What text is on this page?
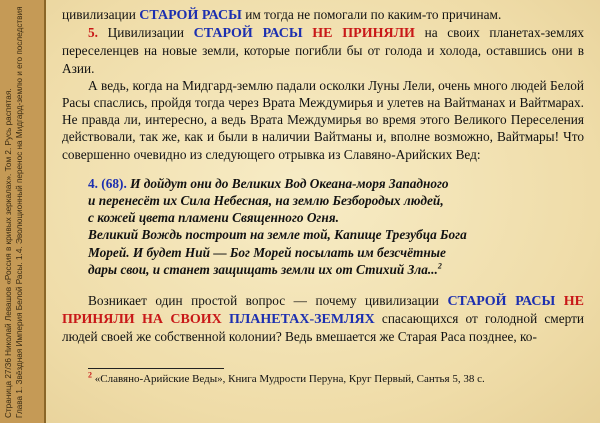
Страница 27/36 Николай Левашов «Россия в кривых зеркалах». Том 2. Русь распятая. Глава 1. Звёздная Империя Белой Расы. 1.4. Эволюционный перенос на Мидгард-землю и его последствия	цивилизации СТАРОЙ РАСЫ им тогда не помогали по каким-то причинам.

5. Цивилизации СТАРОЙ РАСЫ НЕ ПРИНЯЛИ на своих планетах-землях переселенцев на новые земли, которые погибли бы от голода и холода, оставшись они в Азии.

А ведь, когда на Мидгард-землю падали осколки Луны Лели, очень много людей Белой Расы спаслись, пройдя тогда через Врата Междумирья и улетев на Вайтманах и Вайтмарах. Не правда ли, интересно, а ведь Врата Междумирья во время этого Великого Переселения действовали, так же, как и были в наличии Вайтманы и, вполне возможно, Вайтмары! Что совершенно очевидно из следующего отрывка из Славяно-Арийских Вед:

4. (68). И дойдут они до Великих Вод Океана-моря Западного
и перенесёт их Сила Небесная, на землю Безбородых людей,
с кожей цвета пламени Священного Огня.
Великий Вождь построит на земле той, Капище Трезубца Бога
Морей. И будет Ний — Бог Морей посылать им безсчётные
дары свои, и станет защищать земли их от Стихий Зла...$^2$

Возникает один простой вопрос — почему цивилизации СТАРОЙ РАСЫ НЕ ПРИНЯЛИ НА СВОИХ ПЛАНЕТАХ-ЗЕМЛЯХ спасающихся от голодной смерти людей своей же собственной колонии? Ведь вмешается же Старая Раса позднее, ко-

$^2$ «Славяно-Арийские Веды», Книга Мудрости Перуна, Круг Первый, Сантья 5, 38 с.
